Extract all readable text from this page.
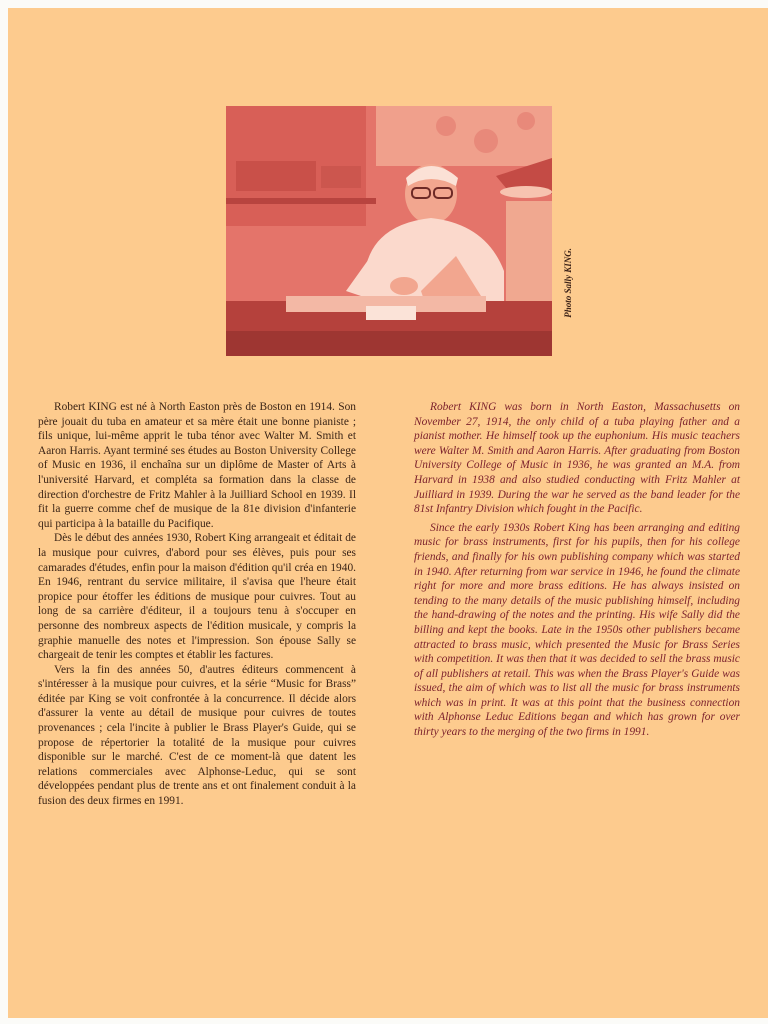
Photo Sally KING.

Robert KING est né à North Easton près de Boston en 1914. Son père jouait du tuba en amateur et sa mère était une bonne pianiste ; fils unique, lui-même apprit le tuba ténor avec Walter M. Smith et Aaron Harris. Ayant terminé ses études au Boston University College of Music en 1936, il enchaîna sur un diplôme de Master of Arts à l'université Harvard, et compléta sa formation dans la classe de direction d'orchestre de Fritz Mahler à la Juilliard School en 1939. Il fit la guerre comme chef de musique de la 81e division d'infanterie qui participa à la bataille du Pacifique.

Dès le début des années 1930, Robert King arrangeait et éditait de la musique pour cuivres, d'abord pour ses élèves, puis pour ses camarades d'études, enfin pour la maison d'édition qu'il créa en 1940. En 1946, rentrant du service militaire, il s'avisa que l'heure était propice pour étoffer les éditions de musique pour cuivres. Tout au long de sa carrière d'éditeur, il a toujours tenu à s'occuper en personne des nombreux aspects de l'édition musicale, y compris la graphie manuelle des notes et l'impression. Son épouse Sally se chargeait de tenir les comptes et établir les factures.

Vers la fin des années 50, d'autres éditeurs commencent à s'intéresser à la musique pour cuivres, et la série “Music for Brass” éditée par King se voit confrontée à la concurrence. Il décide alors d'assurer la vente au détail de musique pour cuivres de toutes provenances ; cela l'incite à publier le Brass Player's Guide, qui se propose de répertorier la totalité de la musique pour cuivres disponible sur le marché. C'est de ce moment-là que datent les relations commerciales avec Alphonse-Leduc, qui se sont développées pendant plus de trente ans et ont finalement conduit à la fusion des deux firmes en 1991.

Robert KING was born in North Easton, Massachusetts on November 27, 1914, the only child of a tuba playing father and a pianist mother. He himself took up the euphonium. His music teachers were Walter M. Smith and Aaron Harris. After graduating from Boston University College of Music in 1936, he was granted an M.A. from Harvard in 1938 and also studied conducting with Fritz Mahler at Juilliard in 1939. During the war he served as the band leader for the 81st Infantry Division which fought in the Pacific.

Since the early 1930s Robert King has been arranging and editing music for brass instruments, first for his pupils, then for his college friends, and finally for his own publishing company which was started in 1940. After returning from war service in 1946, he found the climate right for more and more brass editions. He has always insisted on tending to the many details of the music publishing himself, including the hand-drawing of the notes and the printing. His wife Sally did the billing and kept the books. Late in the 1950s other publishers became attracted to brass music, which presented the Music for Brass Series with competition. It was then that it was decided to sell the brass music of all publishers at retail. This was when the Brass Player's Guide was issued, the aim of which was to list all the music for brass instruments which was in print. It was at this point that the business connection with Alphonse Leduc Editions began and which has grown for over thirty years to the merging of the two firms in 1991.
